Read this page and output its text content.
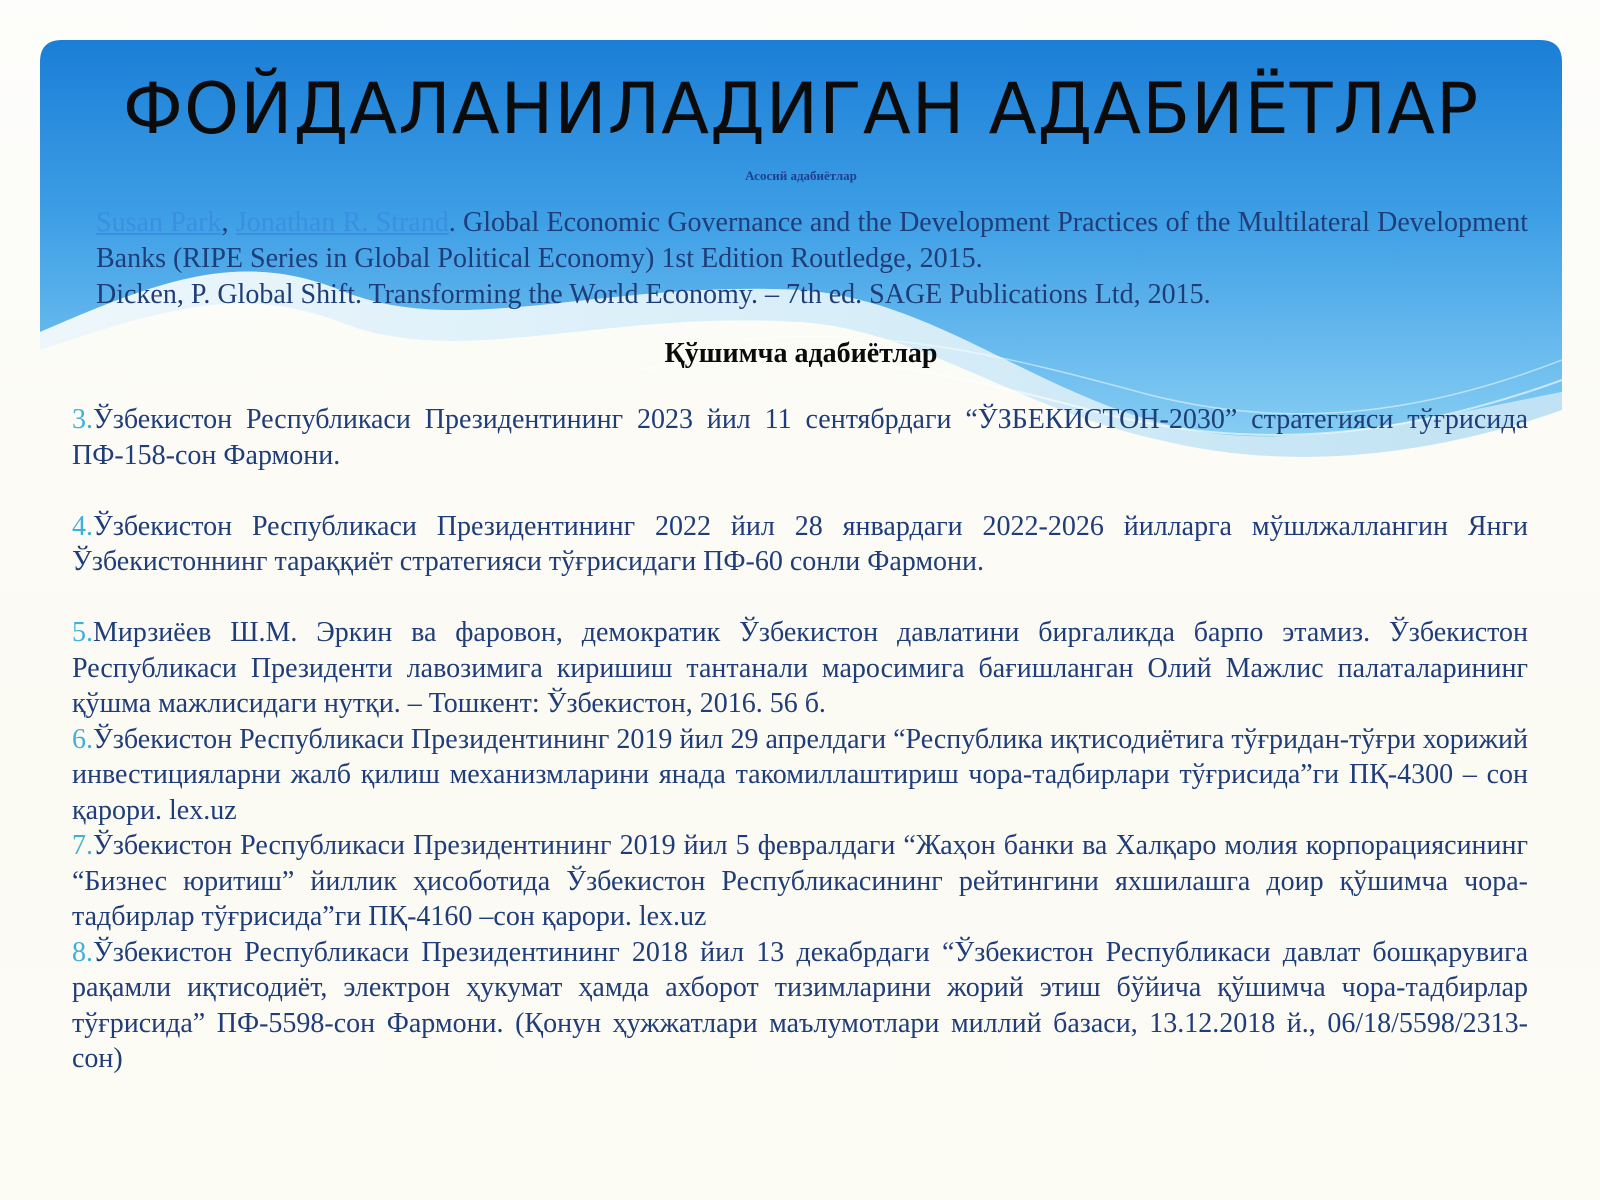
ФОЙДАЛАНИЛАДИГАН АДАБИЁТЛАР
Асосий адабиётлар

Susan Park, Jonathan R. Strand. Global Economic Governance and the Development Practices of the Multilateral Development Banks (RIPE Series in Global Political Economy) 1st Edition Routledge, 2015.

Dicken, P. Global Shift. Transforming the World Economy. – 7th ed. SAGE Publications Ltd, 2015.

Қўшимча адабиётлар

3.Ўзбекистон Республикаси Президентининг 2023 йил 11 сентябрдаги “ЎЗБЕКИСТОН-2030” стратегияси тўғрисида ПФ-158-сон Фармони.

4.Ўзбекистон Республикаси Президентининг 2022 йил 28 январдаги 2022-2026 йилларга мўшлжаллангин Янги Ўзбекистоннинг тараққиёт стратегияси тўғрисидаги ПФ-60 сонли Фармони.

5.Мирзиёев Ш.М. Эркин ва фаровон, демократик Ўзбекистон давлатини биргаликда барпо этамиз. Ўзбекистон Республикаси Президенти лавозимига киришиш тантанали маросимига бағишланган Олий Мажлис палаталарининг қўшма мажлисидаги нутқи. – Тошкент: Ўзбекистон, 2016. 56 б.

6.Ўзбекистон Республикаси Президентининг 2019 йил 29 апрелдаги “Республика иқтисодиётига тўғридан-тўғри хорижий инвестицияларни жалб қилиш механизмларини янада такомиллаштириш чора-тадбирлари тўғрисида”ги ПҚ-4300 – сон қарори. lex.uz

7.Ўзбекистон Республикаси Президентининг 2019 йил 5 февралдаги “Жаҳон банки ва Халқаро молия корпорациясининг “Бизнес юритиш” йиллик ҳисоботида Ўзбекистон Республикасининг рейтингини яхшилашга доир қўшимча чора-тадбирлар тўғрисида”ги ПҚ-4160 –сон қарори. lex.uz

8.Ўзбекистон Республикаси Президентининг 2018 йил 13 декабрдаги “Ўзбекистон Республикаси давлат бошқарувига рақамли иқтисодиёт, электрон ҳукумат ҳамда ахборот тизимларини жорий этиш бўйича қўшимча чора-тадбирлар тўғрисида” ПФ-5598-сон Фармони. (Қонун ҳужжатлари маълумотлари миллий базаси, 13.12.2018 й., 06/18/5598/2313-сон)
